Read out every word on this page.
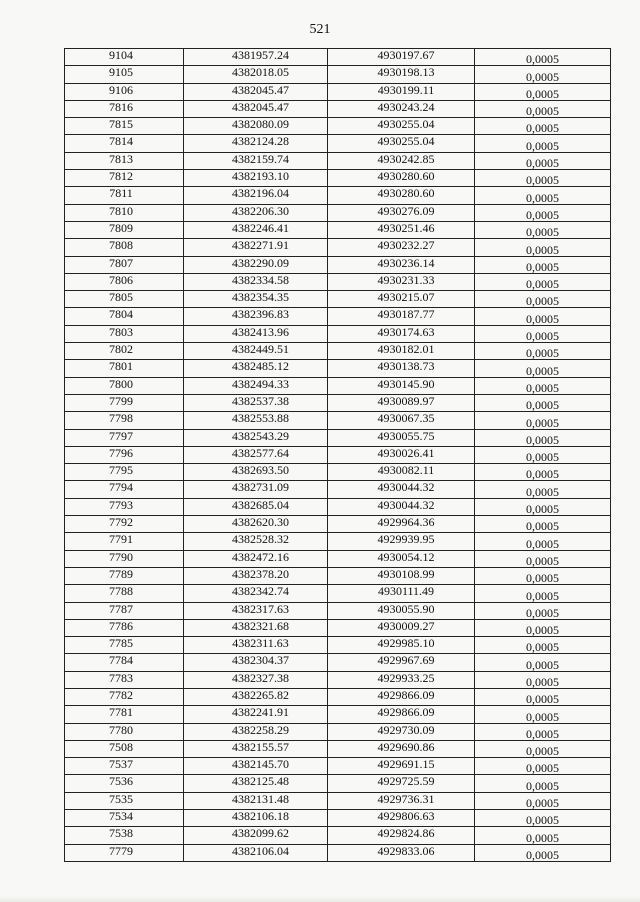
521
9104	4381957.24	4930197.67	0,0005
9105	4382018.05	4930198.13	0,0005
9106	4382045.47	4930199.11	0,0005
7816	4382045.47	4930243.24	0,0005
7815	4382080.09	4930255.04	0,0005
7814	4382124.28	4930255.04	0,0005
7813	4382159.74	4930242.85	0,0005
7812	4382193.10	4930280.60	0,0005
7811	4382196.04	4930280.60	0,0005
7810	4382206.30	4930276.09	0,0005
7809	4382246.41	4930251.46	0,0005
7808	4382271.91	4930232.27	0,0005
7807	4382290.09	4930236.14	0,0005
7806	4382334.58	4930231.33	0,0005
7805	4382354.35	4930215.07	0,0005
7804	4382396.83	4930187.77	0,0005
7803	4382413.96	4930174.63	0,0005
7802	4382449.51	4930182.01	0,0005
7801	4382485.12	4930138.73	0,0005
7800	4382494.33	4930145.90	0,0005
7799	4382537.38	4930089.97	0,0005
7798	4382553.88	4930067.35	0,0005
7797	4382543.29	4930055.75	0,0005
7796	4382577.64	4930026.41	0,0005
7795	4382693.50	4930082.11	0,0005
7794	4382731.09	4930044.32	0,0005
7793	4382685.04	4930044.32	0,0005
7792	4382620.30	4929964.36	0,0005
7791	4382528.32	4929939.95	0,0005
7790	4382472.16	4930054.12	0,0005
7789	4382378.20	4930108.99	0,0005
7788	4382342.74	4930111.49	0,0005
7787	4382317.63	4930055.90	0,0005
7786	4382321.68	4930009.27	0,0005
7785	4382311.63	4929985.10	0,0005
7784	4382304.37	4929967.69	0,0005
7783	4382327.38	4929933.25	0,0005
7782	4382265.82	4929866.09	0,0005
7781	4382241.91	4929866.09	0,0005
7780	4382258.29	4929730.09	0,0005
7508	4382155.57	4929690.86	0,0005
7537	4382145.70	4929691.15	0,0005
7536	4382125.48	4929725.59	0,0005
7535	4382131.48	4929736.31	0,0005
7534	4382106.18	4929806.63	0,0005
7538	4382099.62	4929824.86	0,0005
7779	4382106.04	4929833.06	0,0005
